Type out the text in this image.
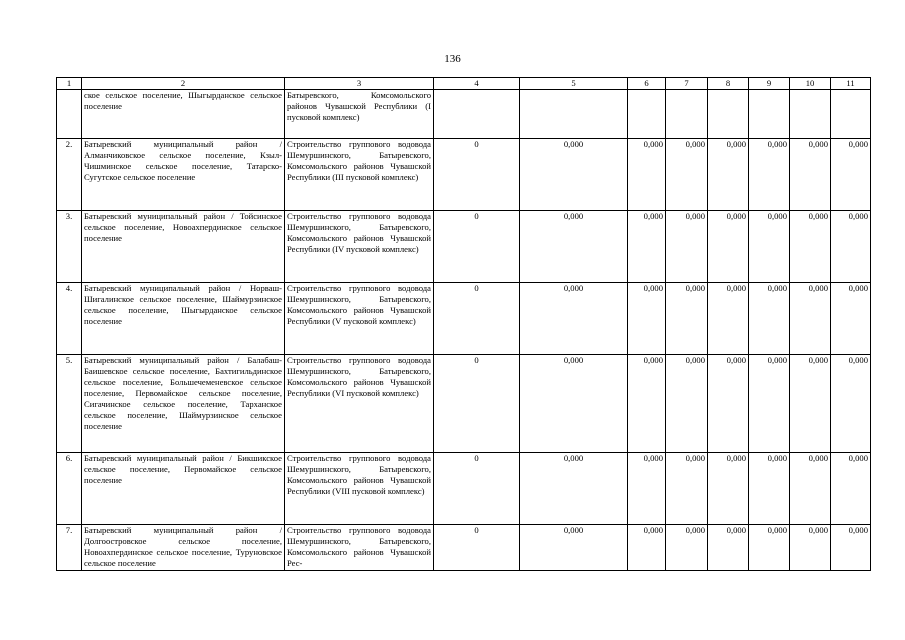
136
1	2	3	4	5	6	7	8	9	10	11
	ское сельское поселение, Шыгырданское сельское поселение	Батыревского, Комсомольского районов Чувашской Республики (I пусковой комплекс)								
2.	Батыревский муниципальный район / Алманчиковское сельское поселение, Кзыл-Чишминское сельское поселение, Татарско-Сугутское сельское поселение	Строительство группового водовода Шемуршинского, Батыревского, Комсомольского районов Чувашской Республики (III пусковой комплекс)	0	0,000	0,000	0,000	0,000	0,000	0,000	0,000
3.	Батыревский муниципальный район / Тойсинское сельское поселение, Новоахпердинское сельское поселение	Строительство группового водовода Шемуршинского, Батыревского, Комсомольского районов Чувашской Республики (IV пусковой комплекс)	0	0,000	0,000	0,000	0,000	0,000	0,000	0,000
4.	Батыревский муниципальный район / Норваш-Шигалинское сельское поселение, Шаймурзинское сельское поселение, Шыгырданское сельское поселение	Строительство группового водовода Шемуршинского, Батыревского, Комсомольского районов Чувашской Республики (V пусковой комплекс)	0	0,000	0,000	0,000	0,000	0,000	0,000	0,000
5.	Батыревский муниципальный район / Балабаш-Баишевское сельское поселение, Бахтигильдинское сельское поселение, Большечеменевское сельское поселение, Первомайское сельское поселение, Сигачинское сельское поселение, Тарханское сельское поселение, Шаймурзинское сельское поселение	Строительство группового водовода Шемуршинского, Батыревского, Комсомольского районов Чувашской Республики (VI пусковой комплекс)	0	0,000	0,000	0,000	0,000	0,000	0,000	0,000
6.	Батыревский муниципальный район / Бикшикское сельское поселение, Первомайское сельское поселение	Строительство группового водовода Шемуршинского, Батыревского, Комсомольского районов Чувашской Республики (VIII пусковой комплекс)	0	0,000	0,000	0,000	0,000	0,000	0,000	0,000
7.	Батыревский муниципальный район / Долгоостровское сельское поселение, Новоахпердинское сельское поселение, Туруновское сельское поселение	Строительство группового водовода Шемуршинского, Батыревского, Комсомольского районов Чувашской Рес-	0	0,000	0,000	0,000	0,000	0,000	0,000	0,000
